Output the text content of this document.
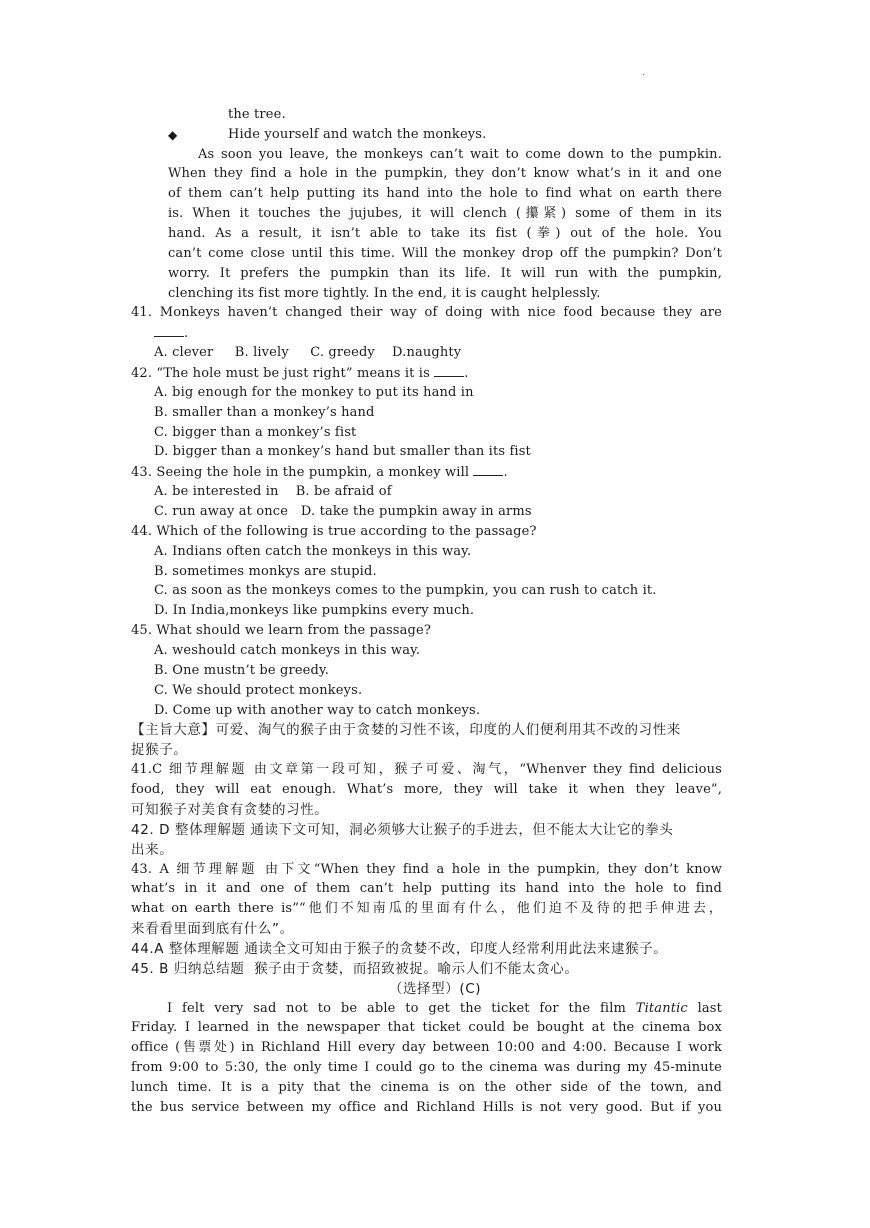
.
the tree.
◆	Hide yourself and watch the monkeys.
As soon you leave, the monkeys can’t wait to come down to the pumpkin.
When they find a hole in the pumpkin, they don’t know what’s in it and one
of them can’t help putting its hand into the hole to find what on earth there
is. When it touches the jujubes, it will clench (攥紧) some of them in its
hand. As a result, it isn’t able to take its fist (拳) out of the hole. You
can’t come close until this time. Will the monkey drop off the pumpkin? Don’t
worry. It prefers the pumpkin than its life. It will run with the pumpkin,
clenching its fist more tightly. In the end, it is caught helplessly.
41. Monkeys haven’t changed their way of doing with nice food because they are
.
A. clever     B. lively     C. greedy    D.naughty
42. “The hole must be just right” means it is .
A. big enough for the monkey to put its hand in
B. smaller than a monkey’s hand
C. bigger than a monkey’s fist
D. bigger than a monkey’s hand but smaller than its fist
43. Seeing the hole in the pumpkin, a monkey will .
A. be interested in    B. be afraid of
C. run away at once   D. take the pumpkin away in arms
44. Which of the following is true according to the passage?
A. Indians often catch the monkeys in this way.
B. sometimes monkys are stupid.
C. as soon as the monkeys comes to the pumpkin, you can rush to catch it.
D. In India,monkeys like pumpkins every much.
45. What should we learn from the passage?
A. weshould catch monkeys in this way.
B. One mustn’t be greedy.
C. We should protect monkeys.
D. Come up with another way to catch monkeys.
【主旨大意】可爱、淘气的猴子由于贪婪的习性不该，印度的人们便利用其不改的习性来
捉猴子。
41.C 细节理解题 由文章第一段可知，猴子可爱、淘气，“Whenver they find delicious
food, they will eat enough. What’s more, they will take it when they leave”,
可知猴子对美食有贪婪的习性。
42. D 整体理解题 通读下文可知，洞必须够大让猴子的手进去，但不能太大让它的拳头
出来。
43. A 细节理解题 由下文“When they find a hole in the pumpkin, they don’t know
what’s in it and one of them can’t help putting its hand into the hole to find
what on earth there is”“他们不知南瓜的里面有什么，他们迫不及待的把手伸进去，
来看看里面到底有什么”。
44.A 整体理解题 通读全文可知由于猴子的贪婪不改，印度人经常利用此法来逮猴子。
45. B 归纳总结题  猴子由于贪婪，而招致被捉。喻示人们不能太贪心。
（选择型）(C)
I felt very sad not to be able to get the ticket for the film Titantic last
Friday. I learned in the newspaper that ticket could be bought at the cinema box
office (售票处) in Richland Hill every day between 10:00 and 4:00. Because I work
from 9:00 to 5:30, the only time I could go to the cinema was during my 45-minute
lunch time. It is a pity that the cinema is on the other side of the town, and
the bus service between my office and Richland Hills is not very good. But if you
